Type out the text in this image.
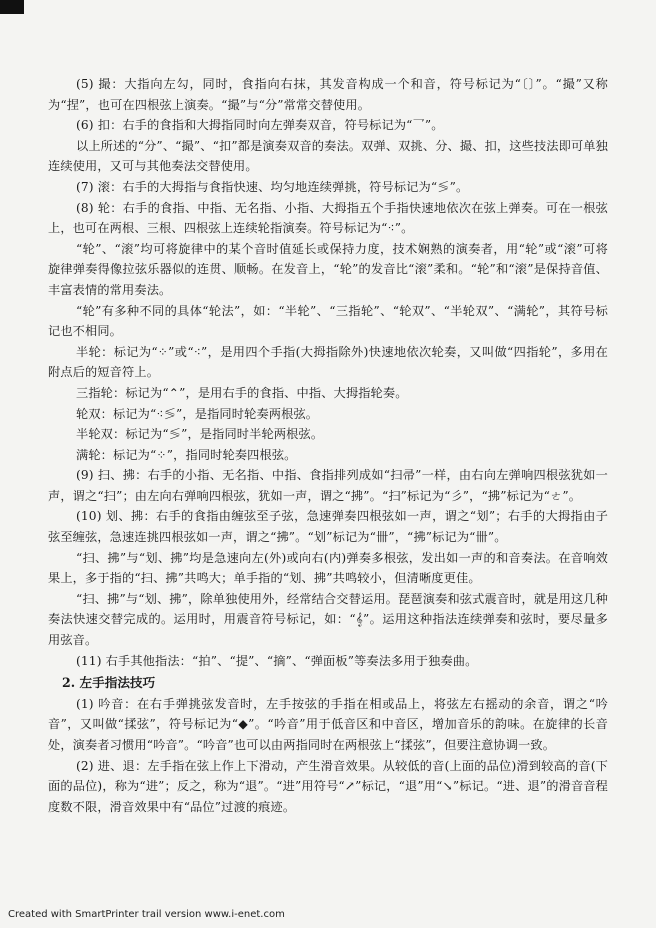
(5) 撮：大指向左勾，同时，食指向右抹，其发音构成一个和音，符号标记为“〔〕”。“撮”又称为“捏”，也可在四根弦上演奏。“撮”与“分”常常交替使用。

(6) 扣：右手的食指和大拇指同时向左弹奏双音，符号标记为“乛”。

以上所述的“分”、“撮”、“扣”都是演奏双音的奏法。双弹、双挑、分、撮、扣，这些技法即可单独连续使用，又可与其他奏法交替使用。

(7) 滚：右手的大拇指与食指快速、均匀地连续弹挑，符号标记为“≶”。

(8) 轮：右手的食指、中指、无名指、小指、大拇指五个手指快速地依次在弦上弹奏。可在一根弦上，也可在两根、三根、四根弦上连续轮指演奏。符号标记为“⁖”。

“轮”、“滚”均可将旋律中的某个音时值延长或保持力度，技术娴熟的演奏者，用“轮”或“滚”可将旋律弹奏得像拉弦乐器似的连贯、顺畅。在发音上，“轮”的发音比“滚”柔和。“轮”和“滚”是保持音值、丰富表情的常用奏法。

“轮”有多种不同的具体“轮法”，如：“半轮”、“三指轮”、“轮双”、“半轮双”、“满轮”，其符号标记也不相同。

半轮：标记为“⁘”或“⁖”，是用四个手指(大拇指除外)快速地依次轮奏，又叫做“四指轮”，多用在附点后的短音符上。

三指轮：标记为“⌃”，是用右手的食指、中指、大拇指轮奏。

轮双：标记为“⁖≶”，是指同时轮奏两根弦。

半轮双：标记为“≶”，是指同时半轮两根弦。

满轮：标记为“⁘”，指同时轮奏四根弦。

(9) 扫、拂：右手的小指、无名指、中指、食指排列成如“扫帚”一样，由右向左弹响四根弦犹如一声，谓之“扫”；由左向右弹响四根弦，犹如一声，谓之“拂”。“扫”标记为“彡”，“拂”标记为“ㄜ”。

(10) 划、拂：右手的食指由缠弦至子弦，急速弹奏四根弦如一声，谓之“划”；右手的大拇指由子弦至缠弦，急速连挑四根弦如一声，谓之“拂”。“划”标记为“卌”，“拂”标记为“卌”。

“扫、拂”与“划、拂”均是急速向左(外)或向右(内)弹奏多根弦，发出如一声的和音奏法。在音响效果上，多于指的“扫、拂”共鸣大；单手指的“划、拂”共鸣较小，但清晰度更佳。

“扫、拂”与“划、拂”，除单独使用外，经常结合交替运用。琵琶演奏和弦式震音时，就是用这几种奏法快速交替完成的。运用时，用震音符号标记，如：“𝄞”。运用这种指法连续弹奏和弦时，要尽量多用弦音。

(11) 右手其他指法：“拍”、“提”、“摘”、“弹面板”等奏法多用于独奏曲。

2. 左手指法技巧

(1) 吟音：在右手弹挑弦发音时，左手按弦的手指在相或品上，将弦左右摇动的余音，谓之“吟音”，又叫做“揉弦”，符号标记为“◆”。“吟音”用于低音区和中音区，增加音乐的韵味。在旋律的长音处，演奏者习惯用“吟音”。“吟音”也可以由两指同时在两根弦上“揉弦”，但要注意协调一致。

(2) 进、退：左手指在弦上作上下滑动，产生滑音效果。从较低的音(上面的品位)滑到较高的音(下面的品位)，称为“进”；反之，称为“退”。“进”用符号“↗”标记，“退”用“↘”标记。“进、退”的滑音音程度数不限，滑音效果中有“品位”过渡的痕迹。

Created with SmartPrinter trail version www.i-enet.com
